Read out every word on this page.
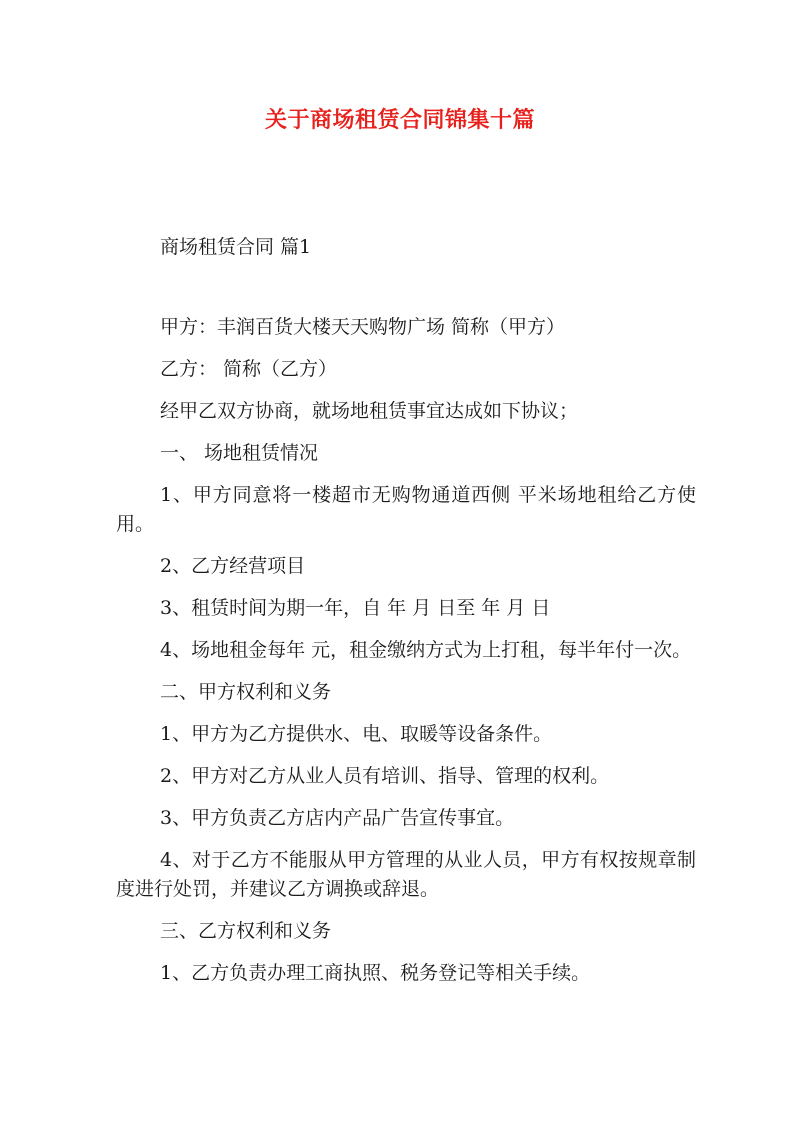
关于商场租赁合同锦集十篇

商场租赁合同 篇1

甲方：丰润百货大楼天天购物广场 简称（甲方）

乙方： 简称（乙方）

经甲乙双方协商，就场地租赁事宜达成如下协议；

一、 场地租赁情况

1、甲方同意将一楼超市无购物通道西侧 平米场地租给乙方使用。

2、乙方经营项目

3、租赁时间为期一年，自 年 月 日至 年 月 日

4、场地租金每年 元，租金缴纳方式为上打租，每半年付一次。

二、甲方权利和义务

1、甲方为乙方提供水、电、取暖等设备条件。

2、甲方对乙方从业人员有培训、指导、管理的权利。

3、甲方负责乙方店内产品广告宣传事宜。

4、对于乙方不能服从甲方管理的从业人员，甲方有权按规章制度进行处罚，并建议乙方调换或辞退。

三、乙方权利和义务

1、乙方负责办理工商执照、税务登记等相关手续。
